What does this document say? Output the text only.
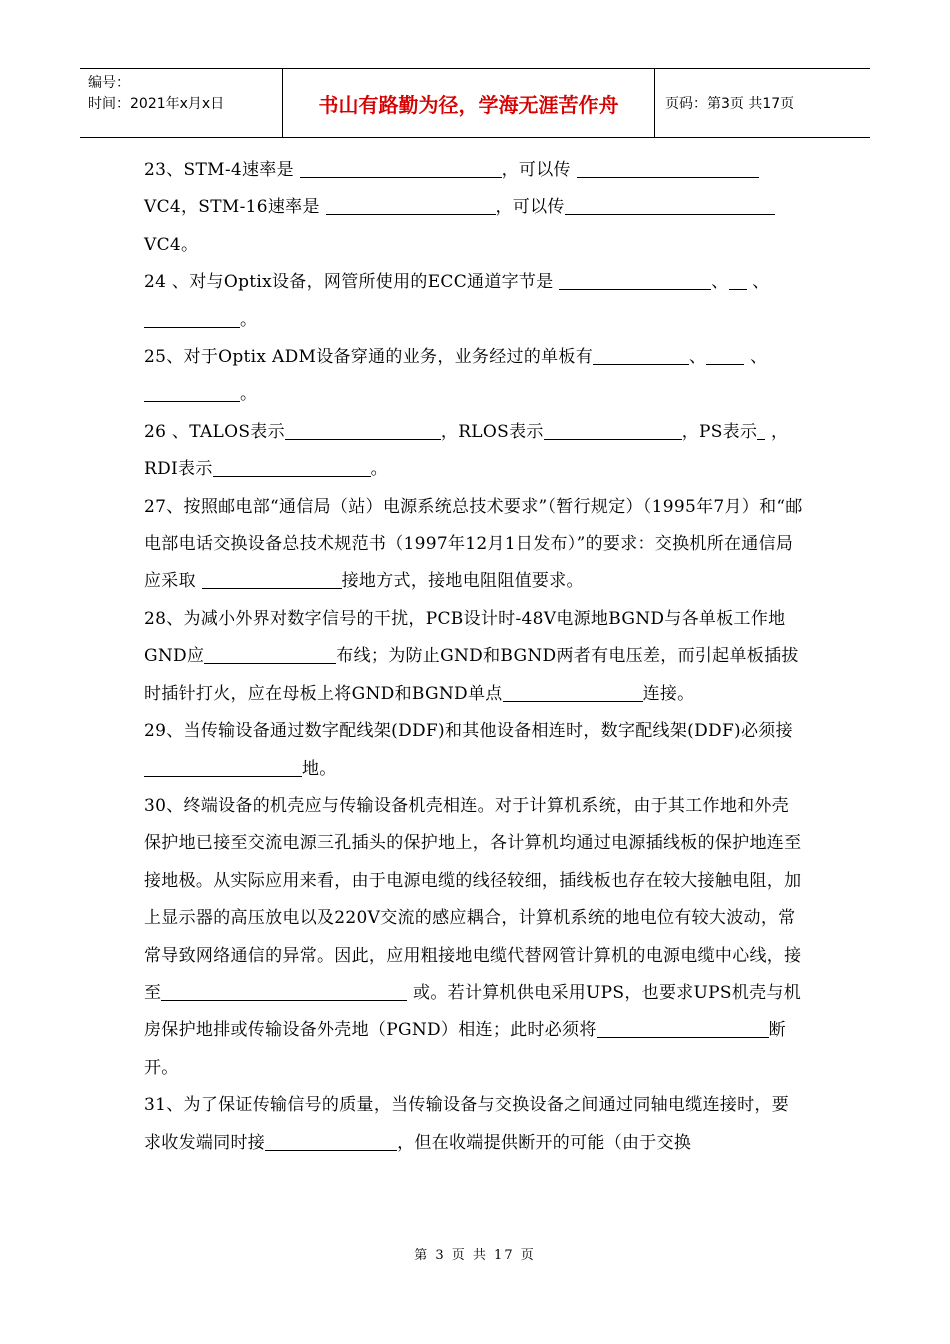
编号：
时间：2021年x月x日	书山有路勤为径，学海无涯苦作舟	页码：第3页 共17页

23、STM-4速率是	，可以传  VC4，STM-16速率是	，可以传 VC4。

24 、对与Optix设备，网管所使用的ECC通道字节是	、 、。

25、对于Optix ADM设备穿通的业务，业务经过的单板有	、	、。

26 、TALOS表示	，RLOS表示	，PS表示 ，RDI表示	。

27、按照邮电部“通信局（站）电源系统总技术要求”（暂行规定）（1995年7月）和“邮电部电话交换设备总技术规范书（1997年12月1日发布）”的要求：交换机所在通信局应采取	接地方式，接地电阻阻值要求。

28、为减小外界对数字信号的干扰，PCB设计时-48V电源地BGND与各单板工作地GND应	布线；为防止GND和BGND两者有电压差，而引起单板插拔时插针打火，应在母板上将GND和BGND单点	连接。

29、当传输设备通过数字配线架(DDF)和其他设备相连时，数字配线架(DDF)必须接地。

30、终端设备的机壳应与传输设备机壳相连。对于计算机系统，由于其工作地和外壳保护地已接至交流电源三孔插头的保护地上，各计算机均通过电源插线板的保护地连至接地极。从实际应用来看，由于电源电缆的线径较细，插线板也存在较大接触电阻，加上显示器的高压放电以及220V交流的感应耦合，计算机系统的地电位有较大波动，常常导致网络通信的异常。因此，应用粗接地电缆代替网管计算机的电源电缆中心线，接至	或。若计算机供电采用UPS，也要求UPS机壳与机房保护地排或传输设备外壳地（PGND）相连；此时必须将	断开。

31、为了保证传输信号的质量，当传输设备与交换设备之间通过同轴电缆连接时，要求收发端同时接	，但在收端提供断开的可能（由于交换

第 3 页 共 17 页
